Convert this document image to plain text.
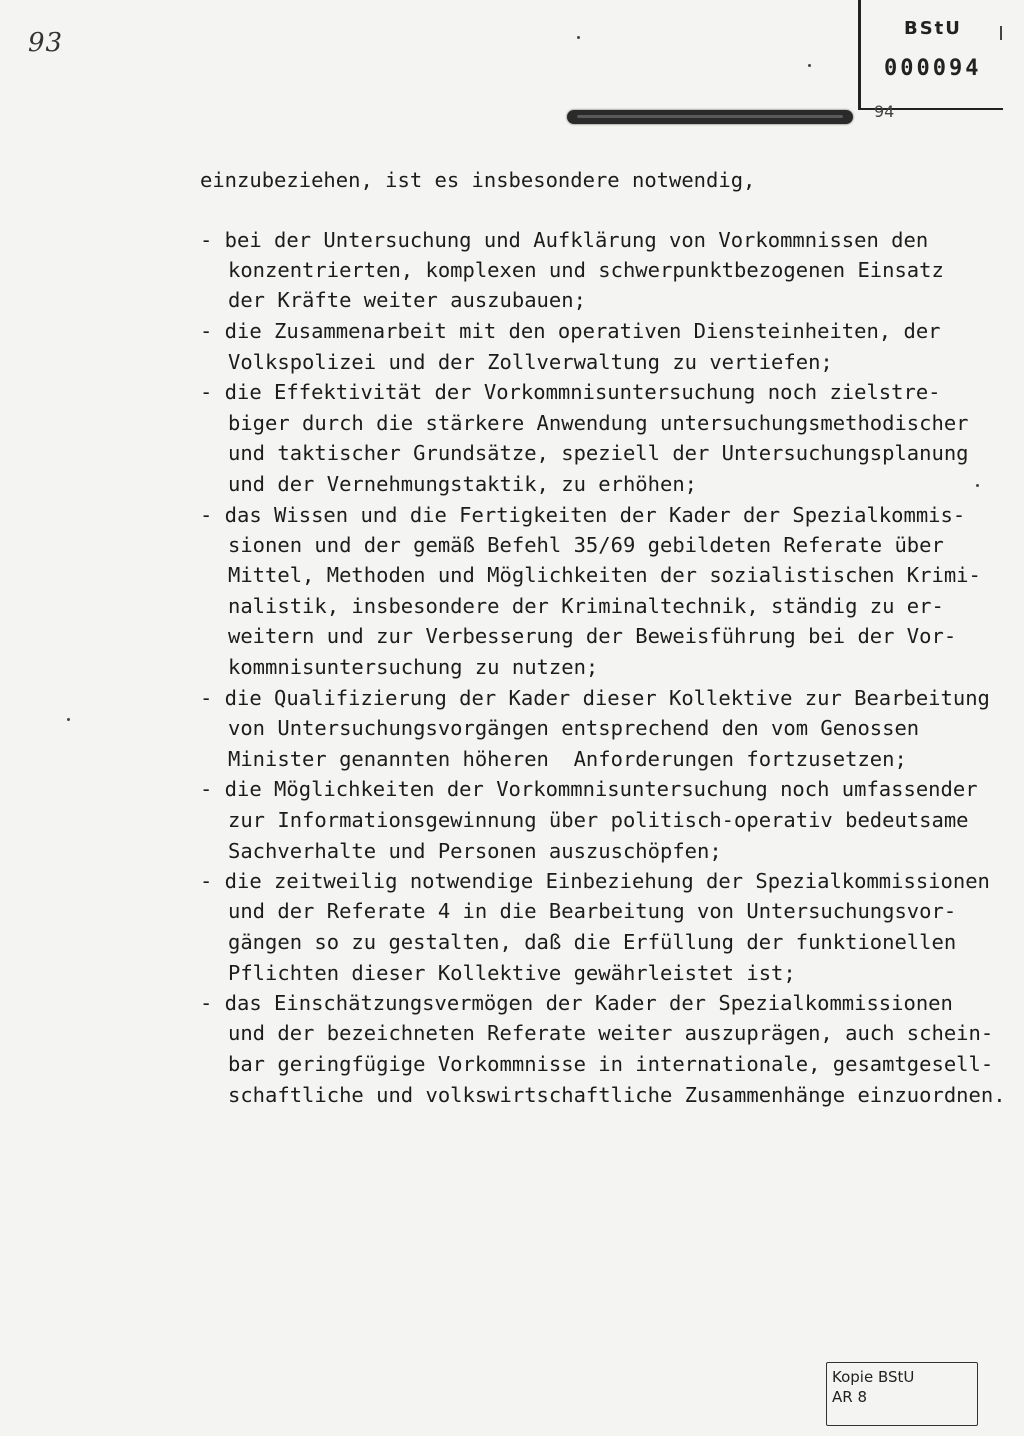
93	BStU
000094
94
einzubeziehen, ist es insbesondere notwendig,
- bei der Untersuchung und Aufklärung von Vorkommnissen den
konzentrierten, komplexen und schwerpunktbezogenen Einsatz
der Kräfte weiter auszubauen;
- die Zusammenarbeit mit den operativen Diensteinheiten, der
Volkspolizei und der Zollverwaltung zu vertiefen;
- die Effektivität der Vorkommnisuntersuchung noch zielstre-
biger durch die stärkere Anwendung untersuchungsmethodischer
und taktischer Grundsätze, speziell der Untersuchungsplanung
und der Vernehmungstaktik, zu erhöhen;
- das Wissen und die Fertigkeiten der Kader der Spezialkommis-
sionen und der gemäß Befehl 35/69 gebildeten Referate über
Mittel, Methoden und Möglichkeiten der sozialistischen Krimi-
nalistik, insbesondere der Kriminaltechnik, ständig zu er-
weitern und zur Verbesserung der Beweisführung bei der Vor-
kommnisuntersuchung zu nutzen;
- die Qualifizierung der Kader dieser Kollektive zur Bearbeitung
von Untersuchungsvorgängen entsprechend den vom Genossen
Minister genannten höheren  Anforderungen fortzusetzen;
- die Möglichkeiten der Vorkommnisuntersuchung noch umfassender
zur Informationsgewinnung über politisch-operativ bedeutsame
Sachverhalte und Personen auszuschöpfen;
- die zeitweilig notwendige Einbeziehung der Spezialkommissionen
und der Referate 4 in die Bearbeitung von Untersuchungsvor-
gängen so zu gestalten, daß die Erfüllung der funktionellen
Pflichten dieser Kollektive gewährleistet ist;
- das Einschätzungsvermögen der Kader der Spezialkommissionen
und der bezeichneten Referate weiter auszuprägen, auch schein-
bar geringfügige Vorkommnisse in internationale, gesamtgesell-
schaftliche und volkswirtschaftliche Zusammenhänge einzuordnen.
Kopie BStU
AR 8
